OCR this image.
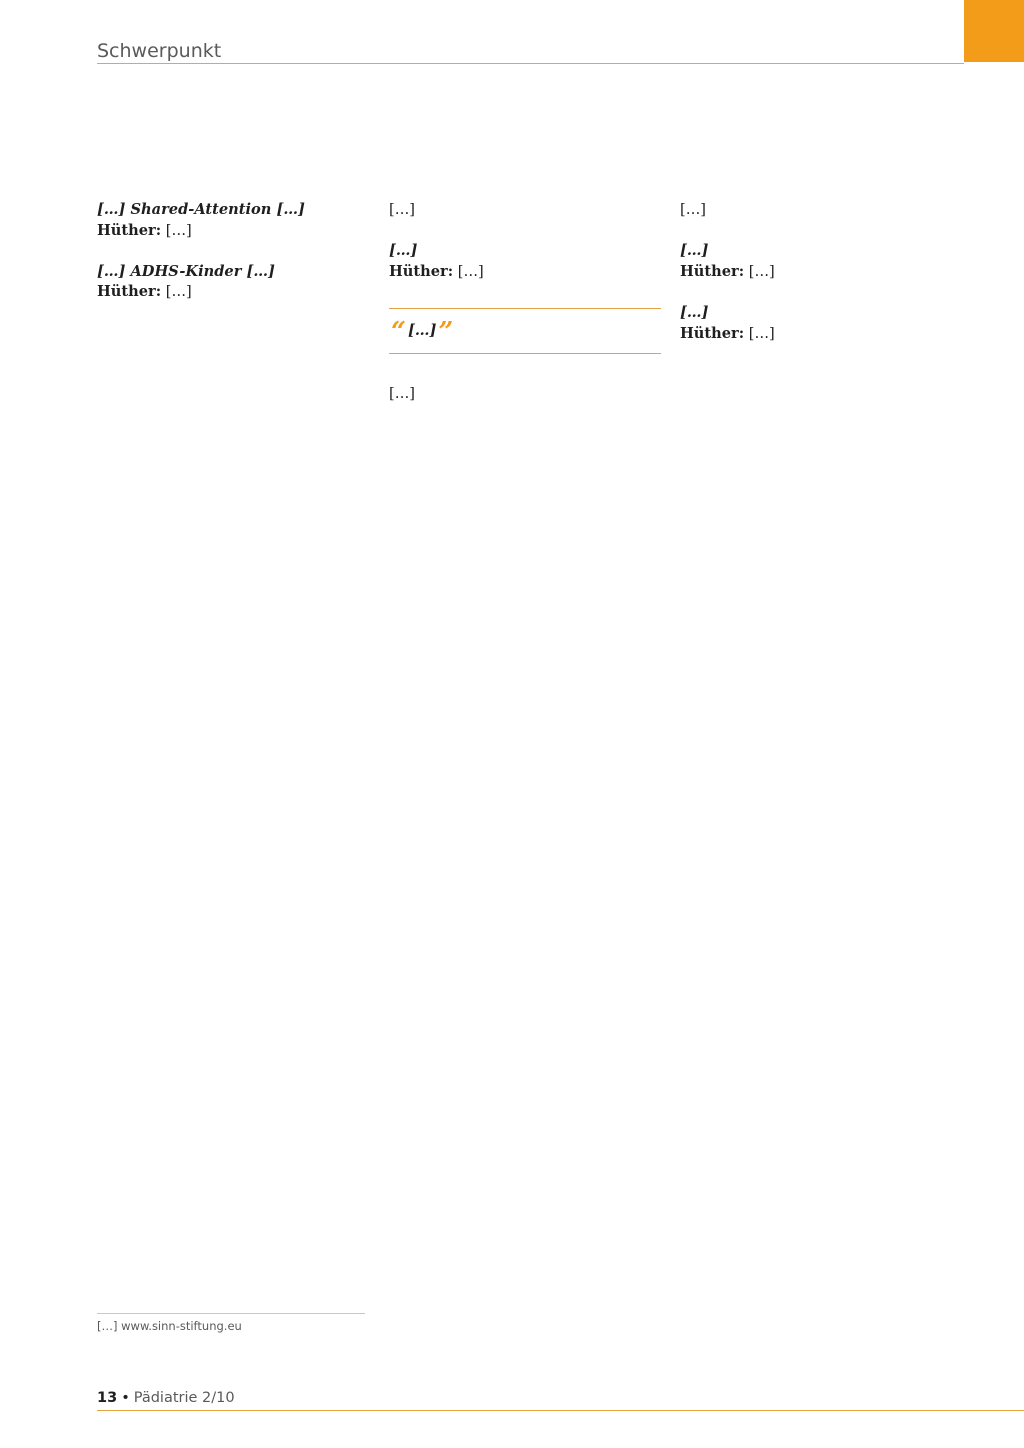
Schwerpunkt

[…] Shared-Attention […]

Hüther: […]

[…] ADHS-Kinder […]

Hüther: […]

[…]

[…]

Hüther: […]

“ […]”

[…]

[…]

[…]

Hüther: […]

[…]

Hüther: […]

[…] www.sinn-stiftung.eu
13 • Pädiatrie 2/10
